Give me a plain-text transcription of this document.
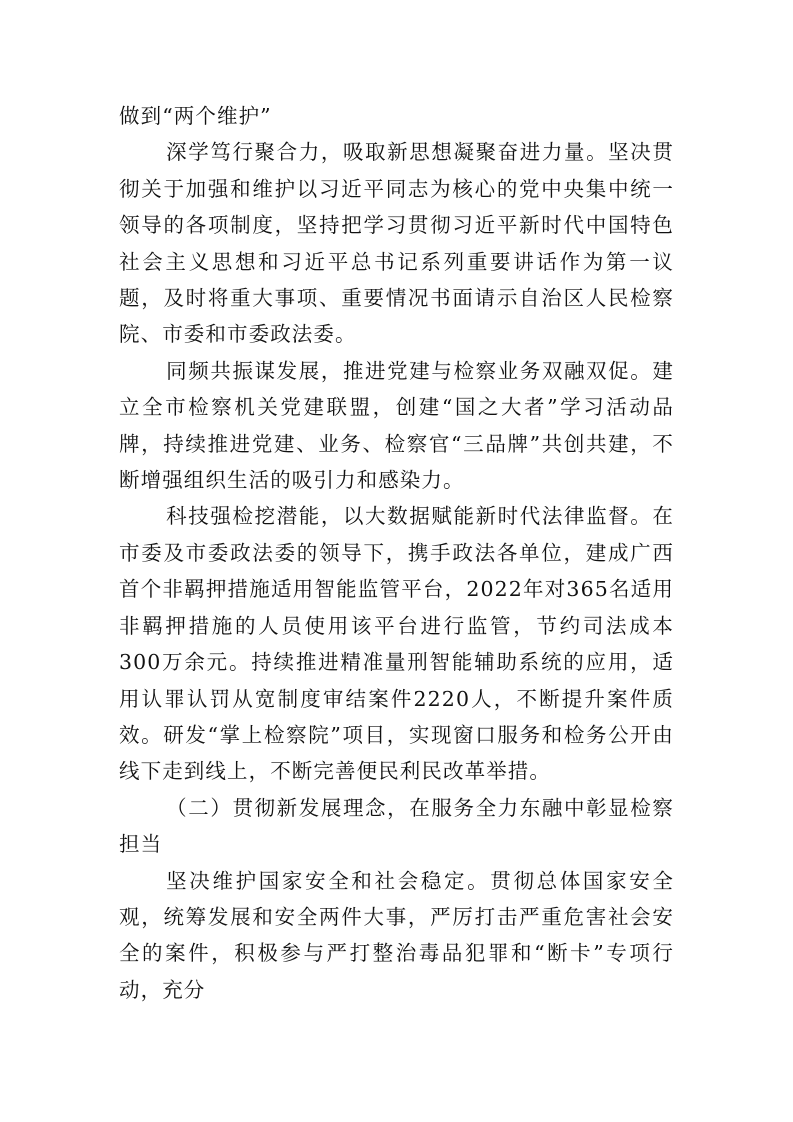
做到“两个维护”

深学笃行聚合力，吸取新思想凝聚奋进力量。坚决贯彻关于加强和维护以习近平同志为核心的党中央集中统一领导的各项制度，坚持把学习贯彻习近平新时代中国特色社会主义思想和习近平总书记系列重要讲话作为第一议题，及时将重大事项、重要情况书面请示自治区人民检察院、市委和市委政法委。

同频共振谋发展，推进党建与检察业务双融双促。建立全市检察机关党建联盟，创建“国之大者”学习活动品牌，持续推进党建、业务、检察官“三品牌”共创共建，不断增强组织生活的吸引力和感染力。

科技强检挖潜能，以大数据赋能新时代法律监督。在市委及市委政法委的领导下，携手政法各单位，建成广西首个非羁押措施适用智能监管平台，2022年对365名适用非羁押措施的人员使用该平台进行监管，节约司法成本300万余元。持续推进精准量刑智能辅助系统的应用，适用认罪认罚从宽制度审结案件2220人，不断提升案件质效。研发“掌上检察院”项目，实现窗口服务和检务公开由线下走到线上，不断完善便民利民改革举措。

（二）贯彻新发展理念，在服务全力东融中彰显检察担当

坚决维护国家安全和社会稳定。贯彻总体国家安全观，统筹发展和安全两件大事，严厉打击严重危害社会安全的案件，积极参与严打整治毒品犯罪和“断卡”专项行动，充分
